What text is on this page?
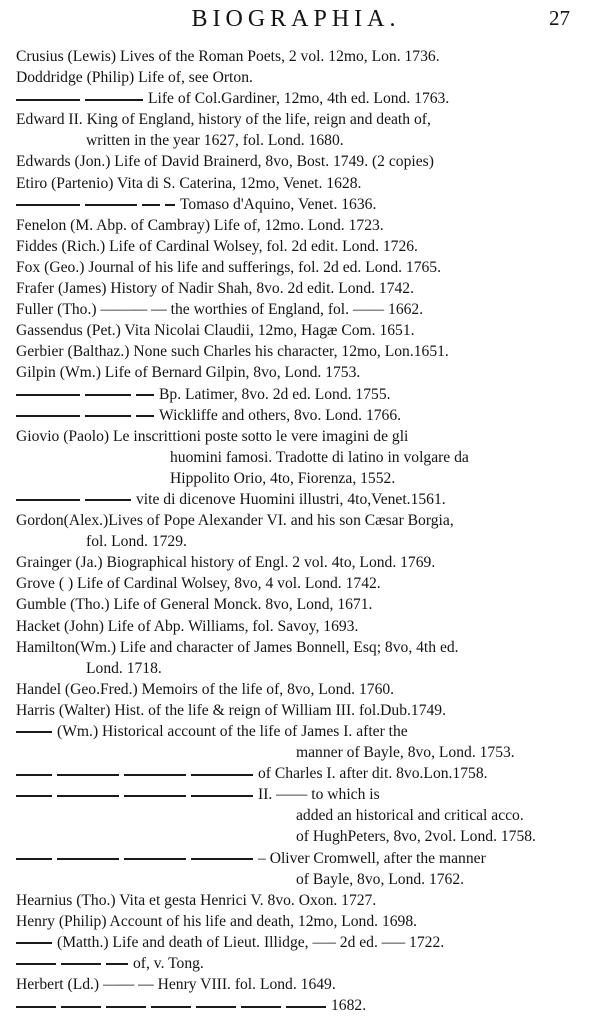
BIOGRAPHIA.	27
Crusius (Lewis) Lives of the Roman Poets, 2 vol. 12mo, Lon. 1736.
Doddridge (Philip) Life of, see Orton.
Life of Col.Gardiner, 12mo, 4th ed. Lond. 1763.
Edward II. King of England, history of the life, reign and death of,
written in the year 1627, fol. Lond. 1680.
Edwards (Jon.) Life of David Brainerd, 8vo, Bost. 1749. (2 copies)
Etiro (Partenio) Vita di S. Caterina, 12mo, Venet. 1628.
Tomaso d'Aquino, Venet. 1636.
Fenelon (M. Abp. of Cambray) Life of, 12mo. Lond. 1723.
Fiddes (Rich.) Life of Cardinal Wolsey, fol. 2d edit. Lond. 1726.
Fox (Geo.) Journal of his life and sufferings, fol. 2d ed. Lond. 1765.
Frafer (James) History of Nadir Shah, 8vo. 2d edit. Lond. 1742.
Fuller (Tho.) ——— — the worthies of England, fol. —— 1662.
Gassendus (Pet.) Vita Nicolai Claudii, 12mo, Hagæ Com. 1651.
Gerbier (Balthaz.) None such Charles his character, 12mo, Lon.1651.
Gilpin (Wm.) Life of Bernard Gilpin, 8vo, Lond. 1753.
Bp. Latimer, 8vo. 2d ed. Lond. 1755.
Wickliffe and others, 8vo. Lond. 1766.
Giovio (Paolo) Le inscrittioni poste sotto le vere imagini de gli
huomini famosi. Tradotte di latino in volgare da
Hippolito Orio, 4to, Fiorenza, 1552.
vite di dicenove Huomini illustri, 4to,Venet.1561.
Gordon(Alex.)Lives of Pope Alexander VI. and his son Cæsar Borgia,
fol. Lond. 1729.
Grainger (Ja.) Biographical history of Engl. 2 vol. 4to, Lond. 1769.
Grove ( ) Life of Cardinal Wolsey, 8vo, 4 vol. Lond. 1742.
Gumble (Tho.) Life of General Monck. 8vo, Lond, 1671.
Hacket (John) Life of Abp. Williams, fol. Savoy, 1693.
Hamilton(Wm.) Life and character of James Bonnell, Esq; 8vo, 4th ed.
Lond. 1718.
Handel (Geo.Fred.) Memoirs of the life of, 8vo, Lond. 1760.
Harris (Walter) Hist. of the life & reign of William III. fol.Dub.1749.
(Wm.) Historical account of the life of James I. after the
manner of Bayle, 8vo, Lond. 1753.
of Charles I. after dit. 8vo.Lon.1758.
II. —— to which is
added an historical and critical acco.
of HughPeters, 8vo, 2vol. Lond. 1758.
– Oliver Cromwell, after the manner
of Bayle, 8vo, Lond. 1762.
Hearnius (Tho.) Vita et gesta Henrici V. 8vo. Oxon. 1727.
Henry (Philip) Account of his life and death, 12mo, Lond. 1698.
(Matth.) Life and death of Lieut. Illidge, —– 2d ed. —– 1722.
of, v. Tong.
Herbert (Ld.) —— — Henry VIII. fol. Lond. 1649.
1682.
